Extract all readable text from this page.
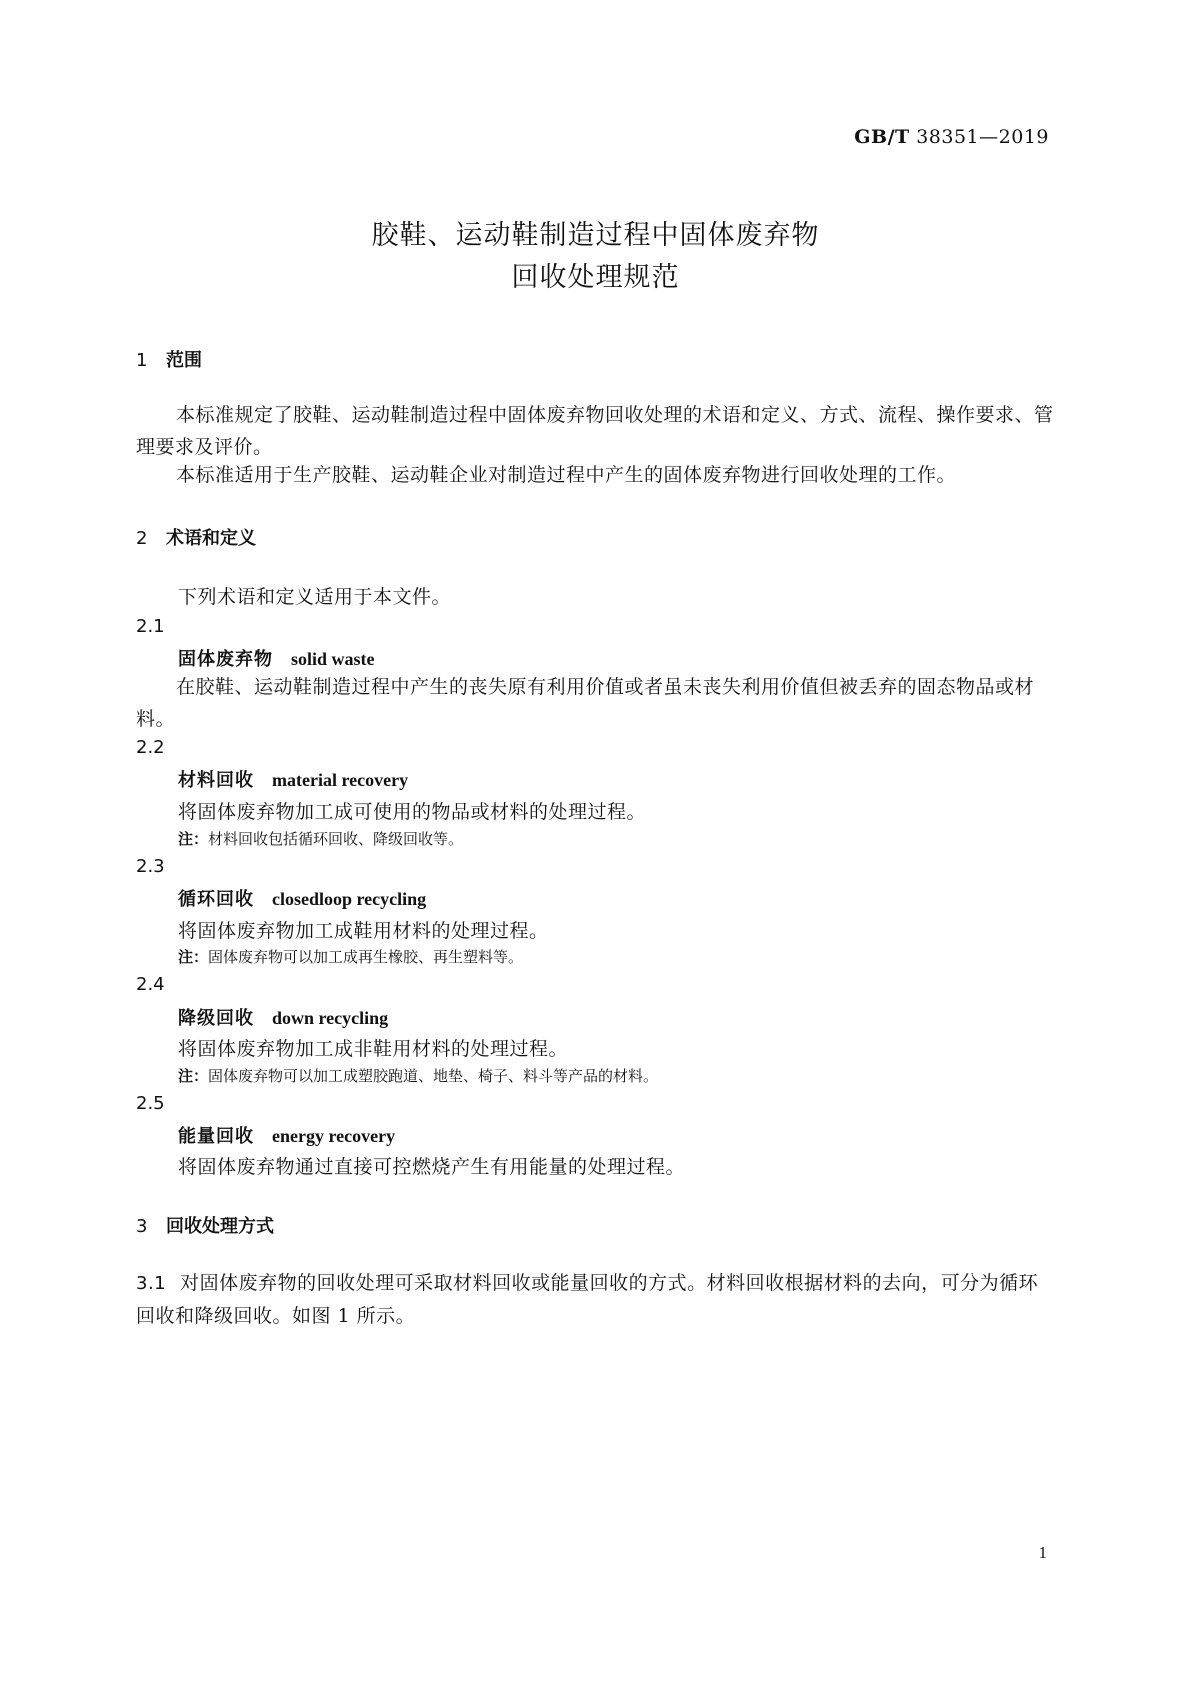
GB/T 38351—2019
胶鞋、运动鞋制造过程中固体废弃物
回收处理规范
1 范围
本标准规定了胶鞋、运动鞋制造过程中固体废弃物回收处理的术语和定义、方式、流程、操作要求、管理要求及评价。
本标准适用于生产胶鞋、运动鞋企业对制造过程中产生的固体废弃物进行回收处理的工作。
2 术语和定义
下列术语和定义适用于本文件。
2.1
固体废弃物 solid waste
在胶鞋、运动鞋制造过程中产生的丧失原有利用价值或者虽未丧失利用价值但被丢弃的固态物品或材料。
2.2
材料回收 material recovery
将固体废弃物加工成可使用的物品或材料的处理过程。
注：材料回收包括循环回收、降级回收等。
2.3
循环回收 closedloop recycling
将固体废弃物加工成鞋用材料的处理过程。
注：固体废弃物可以加工成再生橡胶、再生塑料等。
2.4
降级回收 down recycling
将固体废弃物加工成非鞋用材料的处理过程。
注：固体废弃物可以加工成塑胶跑道、地垫、椅子、料斗等产品的材料。
2.5
能量回收 energy recovery
将固体废弃物通过直接可控燃烧产生有用能量的处理过程。
3 回收处理方式
3.1 对固体废弃物的回收处理可采取材料回收或能量回收的方式。材料回收根据材料的去向，可分为循环回收和降级回收。如图 1 所示。
1
